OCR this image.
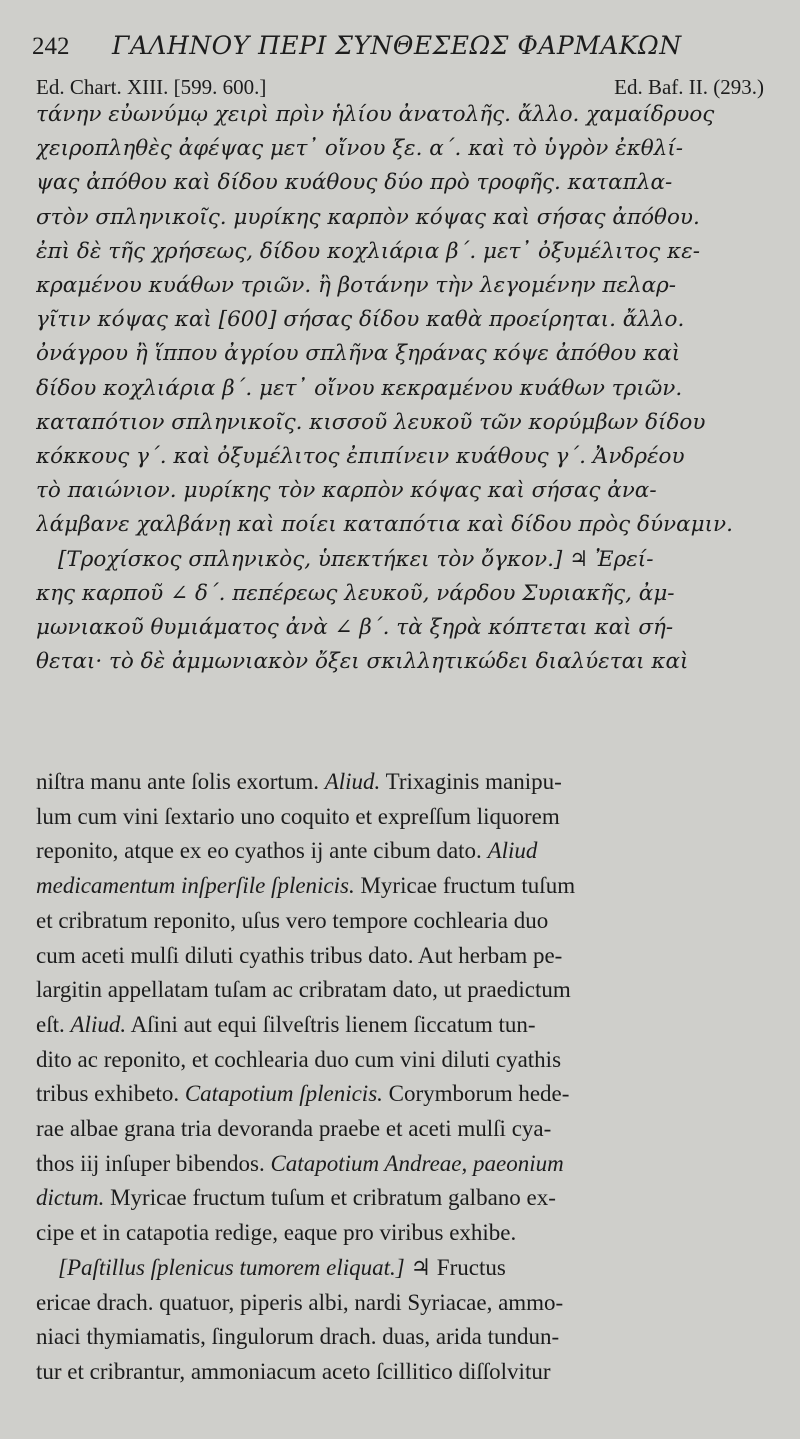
242 ΓΑΛΗΝΟΥ ΠΕΡΙ ΣΥΝΘΕΣΕΩΣ ΦΑΡΜΑΚΩΝ
Ed. Chart. XIII. [599. 600.]	Ed. Baf. II. (293.)
τάνην εὐωνύμῳ χειρὶ πρὶν ἡλίου ἀνατολῆς. ἄλλο. χαμαίδρυος
χειροπληθὲς ἀφέψας μετ᾽ οἴνου ξε. α΄. καὶ τὸ ὑγρὸν ἐκθλί-
ψας ἀπόθου καὶ δίδου κυάθους δύο πρὸ τροφῆς. καταπλα-
στὸν σπληνικοῖς. μυρίκης καρπὸν κόψας καὶ σήσας ἀπόθου.
ἐπὶ δὲ τῆς χρήσεως, δίδου κοχλιάρια β΄. μετ᾽ ὀξυμέλιτος κε-
κραμένου κυάθων τριῶν. ἢ βοτάνην τὴν λεγομένην πελαρ-
γῖτιν κόψας καὶ [600] σήσας δίδου καθὰ προείρηται. ἄλλο.
ὀνάγρου ἢ ἵππου ἀγρίου σπλῆνα ξηράνας κόψε ἀπόθου καὶ
δίδου κοχλιάρια β΄. μετ᾽ οἴνου κεκραμένου κυάθων τριῶν.
καταπότιον σπληνικοῖς. κισσοῦ λευκοῦ τῶν κορύμβων δίδου
κόκκους γ΄. καὶ ὀξυμέλιτος ἐπιπίνειν κυάθους γ΄. Ἀνδρέου
τὸ παιώνιον. μυρίκης τὸν καρπὸν κόψας καὶ σήσας ἀνα-
λάμβανε χαλβάνῃ καὶ ποίει καταπότια καὶ δίδου πρὸς δύναμιν.
[Τροχίσκος σπληνικὸς, ὑπεκτήκει τὸν ὄγκον.] ♃ Ἐρεί-
κης καρποῦ ∠ δ΄. πεπέρεως λευκοῦ, νάρδου Συριακῆς, ἀμ-
μωνιακοῦ θυμιάματος ἀνὰ ∠ β΄. τὰ ξηρὰ κόπτεται καὶ σή-
θεται· τὸ δὲ ἀμμωνιακὸν ὄξει σκιλλητικώδει διαλύεται καὶ
niſtra manu ante ſolis exortum. Aliud. Trixaginis manipu-
lum cum vini ſextario uno coquito et expreſſum liquorem
reponito, atque ex eo cyathos ij ante cibum dato. Aliud
medicamentum inſperſile ſplenicis. Myricae fructum tuſum
et cribratum reponito, uſus vero tempore cochlearia duo
cum aceti mulſi diluti cyathis tribus dato. Aut herbam pe-
largitin appellatam tuſam ac cribratam dato, ut praedictum
eſt. Aliud. Aſini aut equi ſilveſtris lienem ſiccatum tun-
dito ac reponito, et cochlearia duo cum vini diluti cyathis
tribus exhibeto. Catapotium ſplenicis. Corymborum hede-
rae albae grana tria devoranda praebe et aceti mulſi cya-
thos iij inſuper bibendos. Catapotium Andreae, paeonium
dictum. Myricae fructum tuſum et cribratum galbano ex-
cipe et in catapotia redige, eaque pro viribus exhibe.
[Paſtillus ſplenicus tumorem eliquat.] ♃ Fructus
ericae drach. quatuor, piperis albi, nardi Syriacae, ammo-
niaci thymiamatis, ſingulorum drach. duas, arida tundun-
tur et cribrantur, ammoniacum aceto ſcillitico diſſolvitur
